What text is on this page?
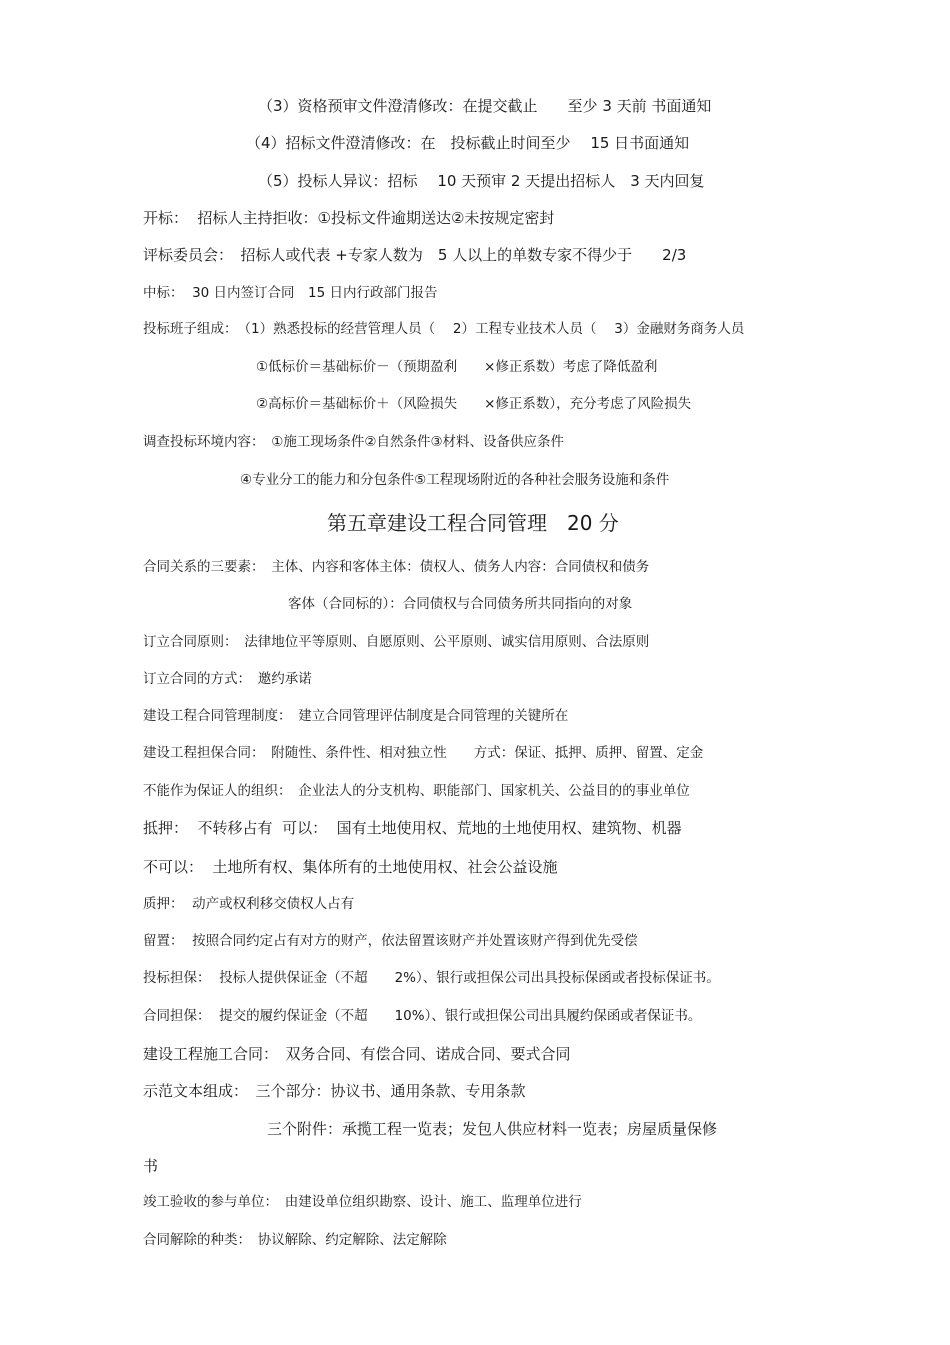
（3）资格预审文件澄清修改：在提交截止　　至少 3 天前 书面通知
（4）招标文件澄清修改：在　投标截止时间至少　 15 日书面通知
（5）投标人异议：招标　 10 天预审 2 天提出招标人　3 天内回复
开标：  招标人主持拒收：①投标文件逾期送达②未按规定密封
评标委员会：　招标人或代表 +专家人数为　5 人以上的单数专家不得少于　　2/3
中标：  30 日内签订合同　15 日内行政部门报告
投标班子组成：　（1）熟悉投标的经营管理人员（　 2）工程专业技术人员（　 3）金融财务商务人员
①低标价＝基础标价－（预期盈利　　×修正系数）考虑了降低盈利
②高标价＝基础标价＋（风险损失　　×修正系数），充分考虑了风险损失
调查投标环境内容：　①施工现场条件②自然条件③材料、设备供应条件
④专业分工的能力和分包条件⑤工程现场附近的各种社会服务设施和条件
第五章建设工程合同管理　20 分
合同关系的三要素：　主体、内容和客体主体：债权人、债务人内容：合同债权和债务
客体（合同标的）：合同债权与合同债务所共同指向的对象
订立合同原则：　法律地位平等原则、自愿原则、公平原则、诚实信用原则、合法原则
订立合同的方式：　邀约承诺
建设工程合同管理制度：　建立合同管理评估制度是合同管理的关键所在
建设工程担保合同：　附随性、条件性、相对独立性　　方式：保证、抵押、质押、留置、定金
不能作为保证人的组织：　企业法人的分支机构、职能部门、国家机关、公益目的的事业单位
抵押：  不转移占有  可以：  国有土地使用权、荒地的土地使用权、建筑物、机器
不可以：  土地所有权、集体所有的土地使用权、社会公益设施
质押：  动产或权利移交债权人占有
留置：  按照合同约定占有对方的财产，依法留置该财产并处置该财产得到优先受偿
投标担保：  投标人提供保证金（不超　　2%）、银行或担保公司出具投标保函或者投标保证书。
合同担保：  提交的履约保证金（不超　　10%）、银行或担保公司出具履约保函或者保证书。
建设工程施工合同：　双务合同、有偿合同、诺成合同、要式合同
示范文本组成：　三个部分：协议书、通用条款、专用条款
三个附件：承揽工程一览表；发包人供应材料一览表；房屋质量保修
书
竣工验收的参与单位：　由建设单位组织勘察、设计、施工、监理单位进行
合同解除的种类：　协议解除、约定解除、法定解除
